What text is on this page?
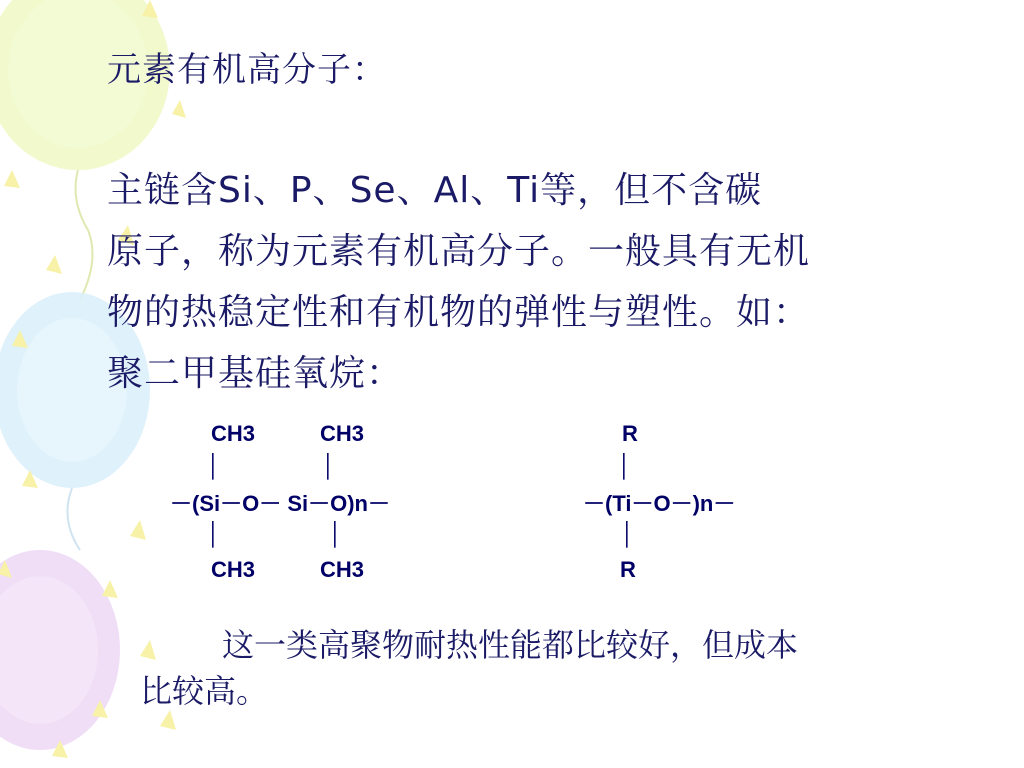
元素有机高分子：
主链含Si、P、Se、Al、Ti等，但不含碳
原子，称为元素有机高分子。一般具有无机
物的热稳定性和有机物的弹性与塑性。如：
聚二甲基硅氧烷：
CH3	CH3
│	│
－(Si－O－ Si－O)n－
│	│
CH3	CH3
R
│
－(Ti－O－)n－
│
R
这一类高聚物耐热性能都比较好，但成本
比较高。
